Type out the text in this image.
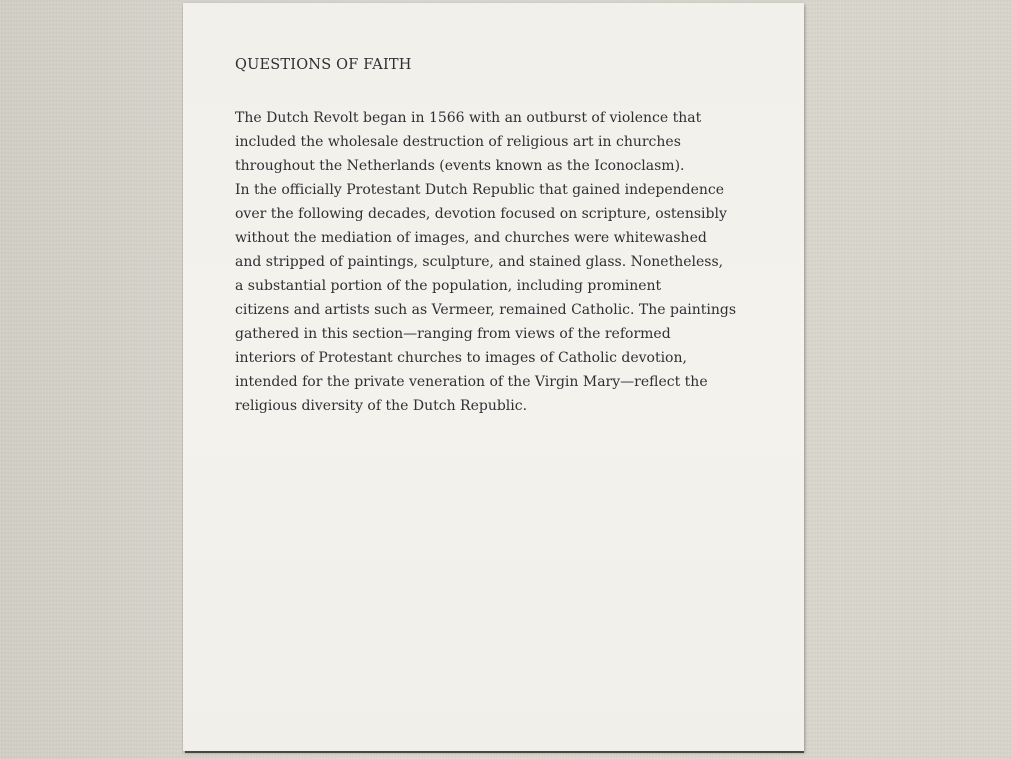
QUESTIONS OF FAITH
The Dutch Revolt began in 1566 with an outburst of violence that
included the wholesale destruction of religious art in churches
throughout the Netherlands (events known as the Iconoclasm).
In the officially Protestant Dutch Republic that gained independence
over the following decades, devotion focused on scripture, ostensibly
without the mediation of images, and churches were whitewashed
and stripped of paintings, sculpture, and stained glass. Nonetheless,
a substantial portion of the population, including prominent
citizens and artists such as Vermeer, remained Catholic. The paintings
gathered in this section—ranging from views of the reformed
interiors of Protestant churches to images of Catholic devotion,
intended for the private veneration of the Virgin Mary—reflect the
religious diversity of the Dutch Republic.
